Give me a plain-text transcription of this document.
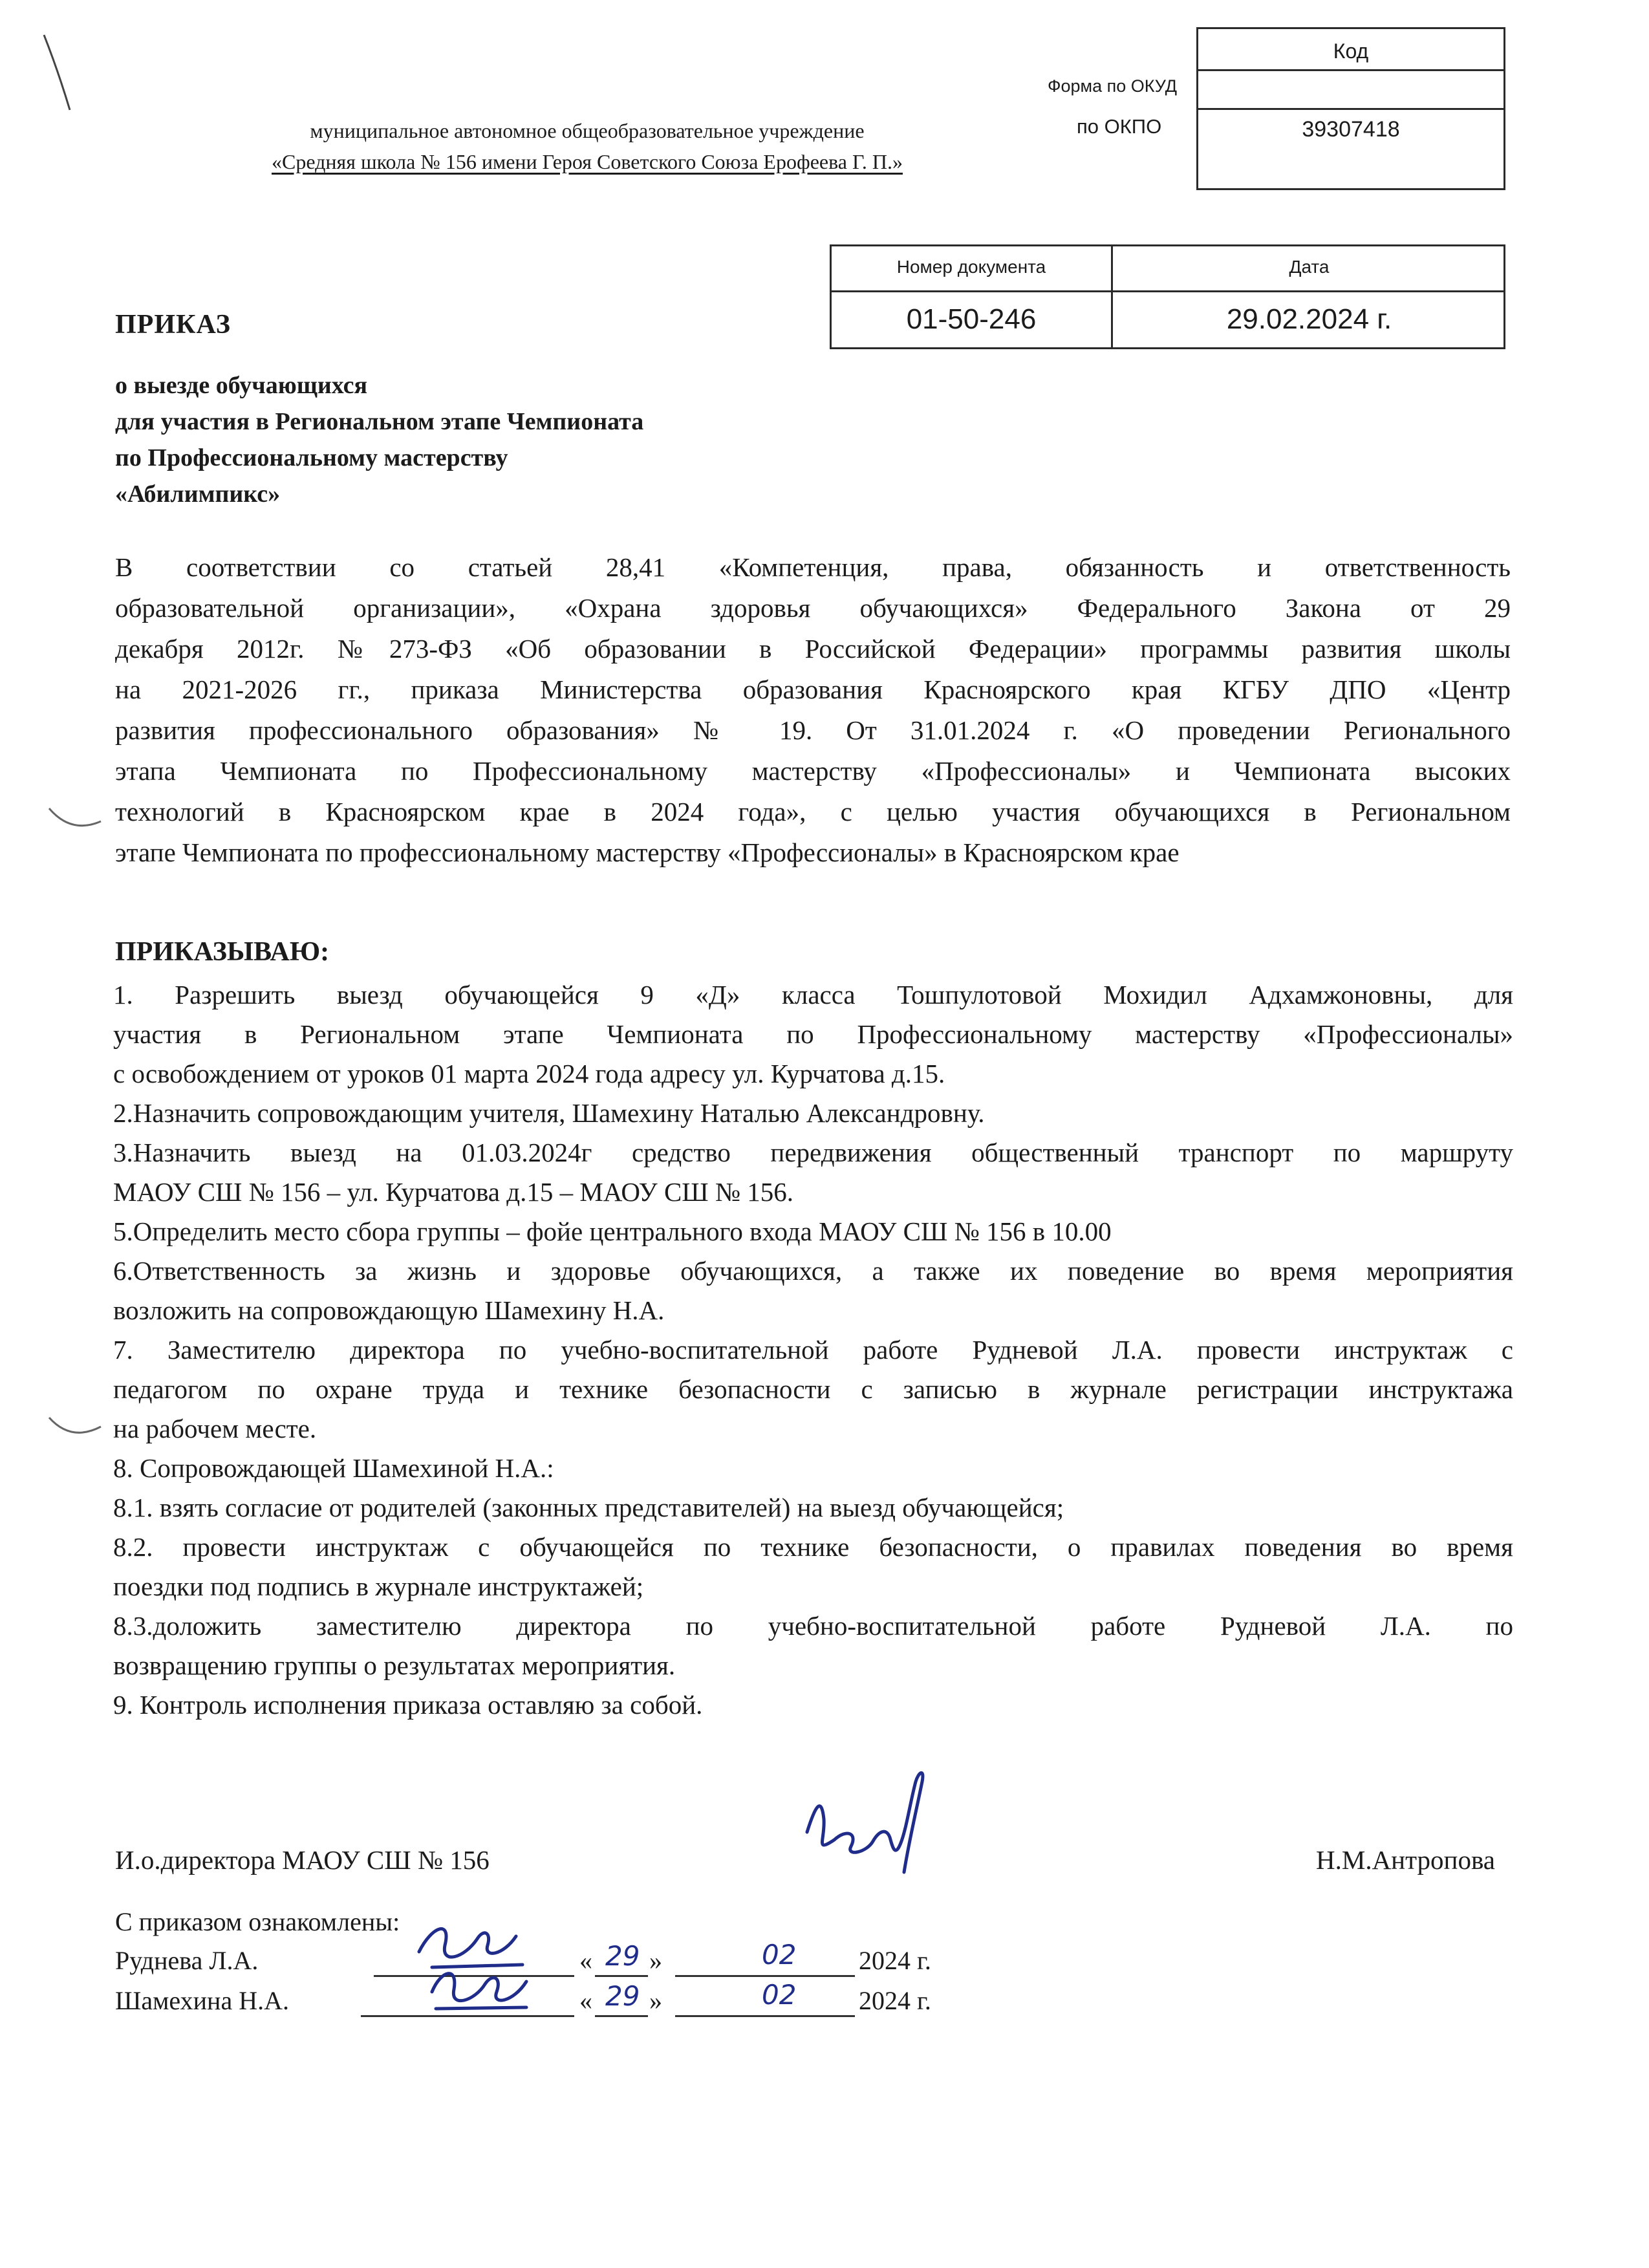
Код
39307418
Форма по ОКУД
по ОКПО
муниципальное автономное общеобразовательное учреждение
«Средняя школа № 156 имени Героя Советского Союза Ерофеева Г. П.»
Номер документа	Дата
01-50-246	29.02.2024 г.
ПРИКАЗ
о выезде обучающихся
для участия в Региональном этапе Чемпионата
по Профессиональному мастерству
«Абилимпикс»
В соответствии со статьей 28,41 «Компетенция, права, обязанность и ответственность
образовательной организации», «Охрана здоровья обучающихся» Федерального Закона от 29
декабря 2012г. №273-ФЗ «Об образовании в Российской Федерации» программы развития школы
на 2021-2026 гг., приказа Министерства образования Красноярского края КГБУ ДПО «Центр
развития профессионального образования» № 19. От 31.01.2024 г. «О проведении Регионального
этапа Чемпионата по Профессиональному мастерству «Профессионалы» и Чемпионата высоких
технологий в Красноярском крае в 2024 года», с целью участия обучающихся в Региональном
этапе Чемпионата по профессиональному мастерству «Профессионалы» в Красноярском крае
ПРИКАЗЫВАЮ:
1. Разрешить выезд обучающейся 9 «Д» класса Тошпулотовой Мохидил Адхамжоновны, для
участия в Региональном этапе Чемпионата по Профессиональному мастерству «Профессионалы»
с освобождением от уроков 01 марта 2024 года адресу ул. Курчатова д.15.
2.Назначить сопровождающим учителя, Шамехину Наталью Александровну.
3.Назначить выезд на 01.03.2024г средство передвижения общественный транспорт по маршруту
МАОУ СШ № 156 – ул. Курчатова д.15 – МАОУ СШ № 156.
5.Определить место сбора группы – фойе центрального входа МАОУ СШ № 156 в 10.00
6.Ответственность за жизнь и здоровье обучающихся, а также их поведение во время мероприятия
возложить на сопровождающую Шамехину Н.А.
7. Заместителю директора по учебно-воспитательной работе Рудневой Л.А. провести инструктаж с
педагогом по охране труда и технике безопасности с записью в журнале регистрации инструктажа
на рабочем месте.
8. Сопровождающей Шамехиной Н.А.:
8.1. взять согласие от родителей (законных представителей) на выезд обучающейся;
8.2. провести инструктаж с обучающейся по технике безопасности, о правилах поведения во время
поездки под подпись в журнале инструктажей;
8.3.доложить заместителю директора по учебно-воспитательной работе Рудневой Л.А. по
возвращению группы о результатах мероприятия.
9. Контроль исполнения приказа оставляю за собой.
И.о.директора МАОУ СШ № 156	Н.М.Антропова
С приказом ознакомлены:
Руднева Л.А.	« 29 »	02 2024 г.
Шамехина Н.А.	« 29 »	02 2024 г.
